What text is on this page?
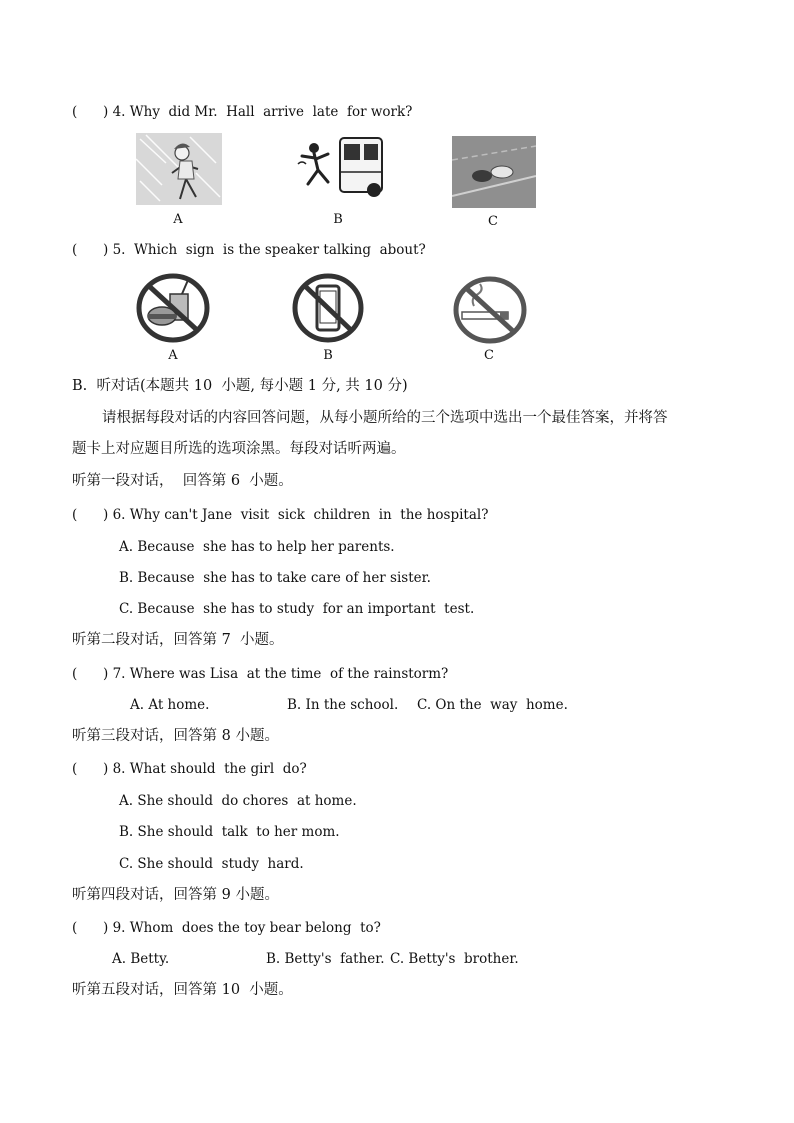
(      ) 4. Why  did Mr.  Hall  arrive  late  for work?
A	B	C
(      ) 5.  Which  sign  is the speaker talking  about?
A	B	C
B.  听对话(本题共 10  小题, 每小题 1 分, 共 10 分)
请根据每段对话的内容回答问题，从每小题所给的三个选项中选出一个最佳答案，并将答
题卡上对应题目所选的选项涂黑。每段对话听两遍。
听第一段对话，  回答第 6  小题。
(      ) 6. Why can't Jane  visit  sick  children  in  the hospital?
A. Because  she has to help her parents.
B. Because  she has to take care of her sister.
C. Because  she has to study  for an important  test.
听第二段对话，回答第 7  小题。
(      ) 7. Where was Lisa  at the time  of the rainstorm?
A. At home.	B. In the school. C. On the  way  home.
听第三段对话，回答第 8 小题。
(      ) 8. What should  the girl  do?
A. She should  do chores  at home.
B. She should  talk  to her mom.
C. She should  study  hard.
听第四段对话，回答第 9 小题。
(      ) 9. Whom  does the toy bear belong  to?
A. Betty.	B. Betty's  father. C. Betty's  brother.
听第五段对话，回答第 10  小题。
